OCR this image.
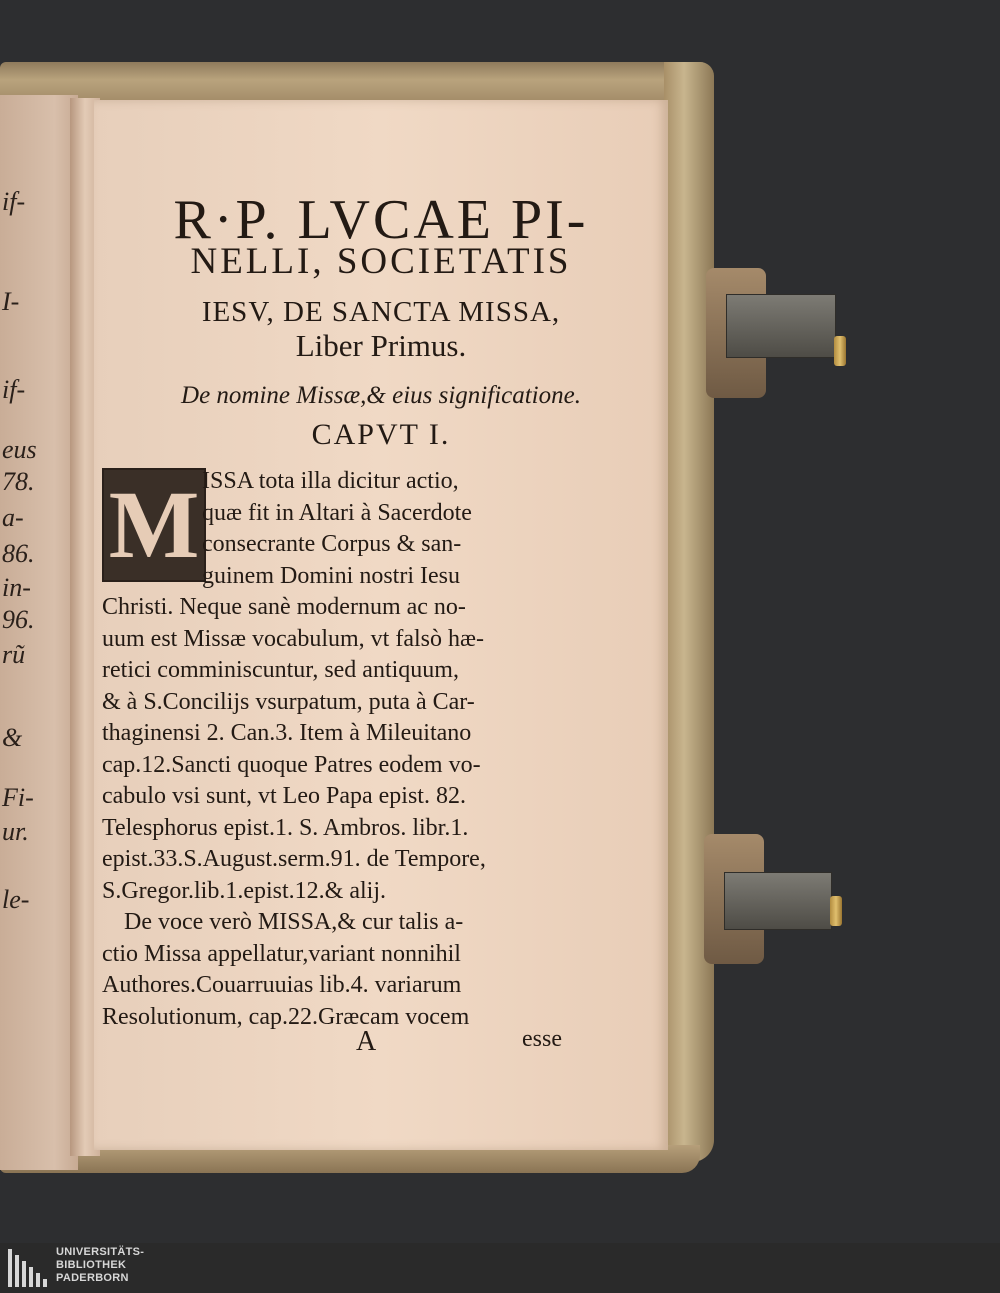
if-
I-
if-
eus
78.
a-
86.
in-
96.
rũ
&
Fi-
ur.
le-
R·P. LVCAE PI-
NELLI, SOCIETATIS
IESV, DE SANCTA MISSA,
Liber Primus.
De nomine Missæ,& eius significatione.
CAPVT I.
M ISSA tota illa dicitur actio,
quæ fit in Altari à Sacerdote
consecrante Corpus & san-
guinem Domini nostri Iesu
Christi. Neque sanè modernum ac no-
uum est Missæ vocabulum, vt falsò hæ-
retici comminiscuntur, sed antiquum,
& à S.Concilijs vsurpatum, puta à Car-
thaginensi 2. Can.3. Item à Mileuitano
cap.12.Sancti quoque Patres eodem vo-
cabulo vsi sunt, vt Leo Papa epist. 82.
Telesphorus epist.1. S. Ambros. libr.1.
epist.33.S.August.serm.91. de Tempore,
S.Gregor.lib.1.epist.12.& alij.
De voce verò MISSA,& cur talis a-
ctio Missa appellatur,variant nonnihil
Authores.Couarruuias lib.4. variarum
Resolutionum, cap.22.Græcam vocem
A	esse
UNIVERSITÄTS-
BIBLIOTHEK
PADERBORN
